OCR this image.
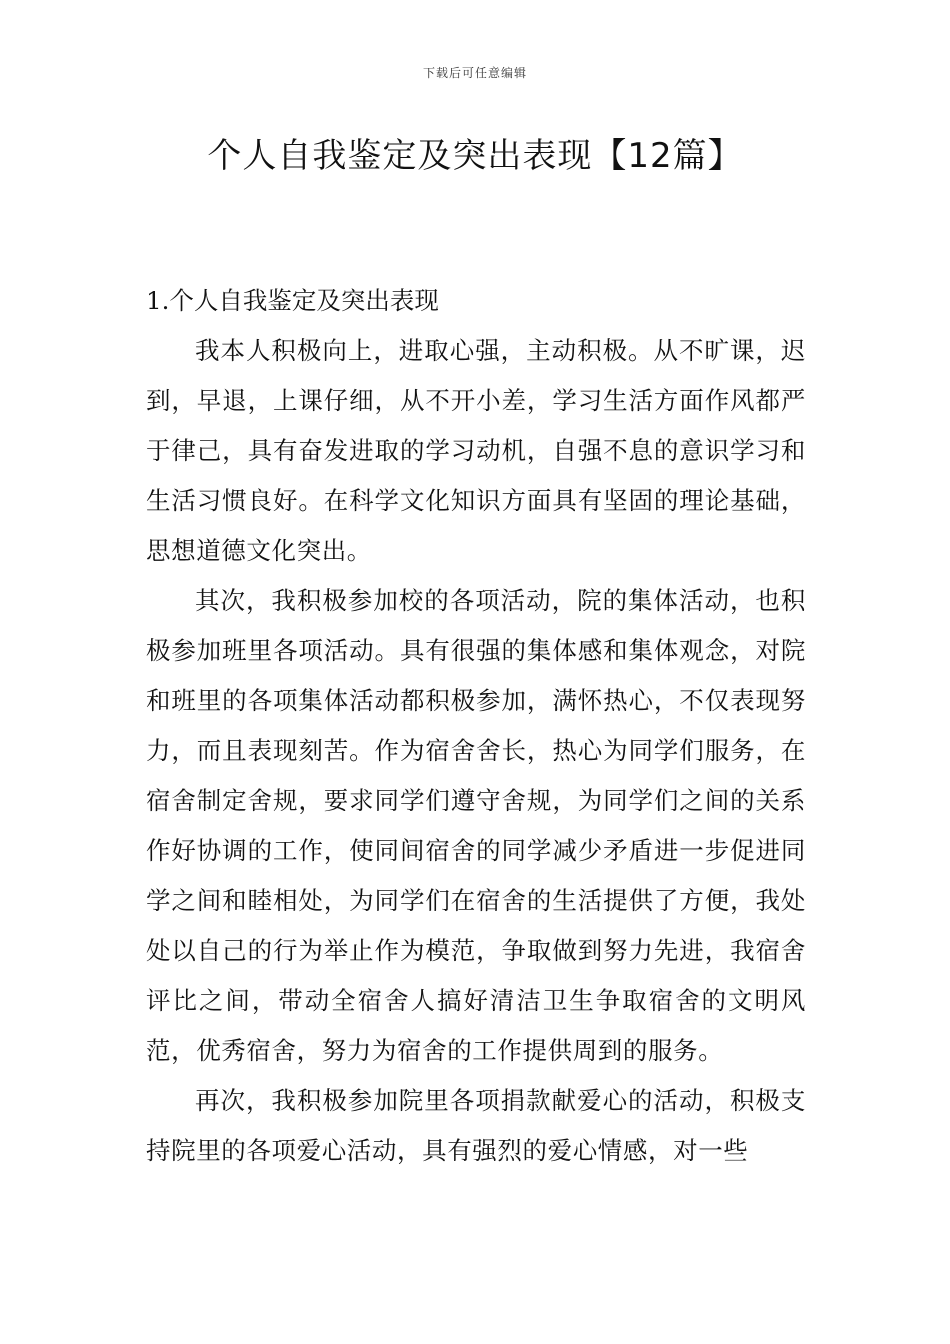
下载后可任意编辑
个人自我鉴定及突出表现【12篇】
1.个人自我鉴定及突出表现

我本人积极向上，进取心强，主动积极。从不旷课，迟到，早退，上课仔细，从不开小差，学习生活方面作风都严于律己，具有奋发进取的学习动机，自强不息的意识学习和生活习惯良好。在科学文化知识方面具有坚固的理论基础，思想道德文化突出。

其次，我积极参加校的各项活动，院的集体活动，也积极参加班里各项活动。具有很强的集体感和集体观念，对院和班里的各项集体活动都积极参加，满怀热心，不仅表现努力，而且表现刻苦。作为宿舍舍长，热心为同学们服务，在宿舍制定舍规，要求同学们遵守舍规，为同学们之间的关系作好协调的工作，使同间宿舍的同学减少矛盾进一步促进同学之间和睦相处，为同学们在宿舍的生活提供了方便，我处处以自己的行为举止作为模范，争取做到努力先进，我宿舍评比之间，带动全宿舍人搞好清洁卫生争取宿舍的文明风范，优秀宿舍，努力为宿舍的工作提供周到的服务。

再次，我积极参加院里各项捐款献爱心的活动，积极支持院里的各项爱心活动，具有强烈的爱心情感，对一些
